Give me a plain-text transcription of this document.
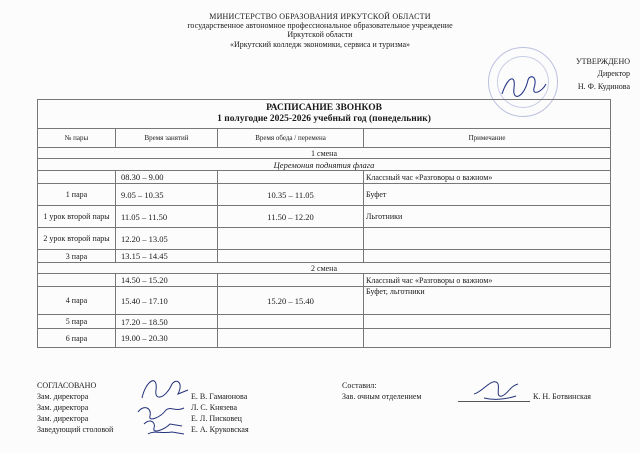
МИНИСТЕРСТВО ОБРАЗОВАНИЯ ИРКУТСКОЙ ОБЛАСТИ
государственное автономное профессиональное образовательное учреждение
Иркутской области
«Иркутский колледж экономики, сервиса и туризма»
УТВЕРЖДЕНО
Директор
Н. Ф. Кудинова
РАСПИСАНИЕ ЗВОНКОВ
1 полугодие 2025-2026 учебный год (понедельник)			

№ пары	Время занятий	Время обеда / перемена	Примечание
1 смена			
Церемония поднятия флага			
	08.30 – 9.00		Классный час «Разговоры о важном»
1 пара	9.05 – 10.35	10.35 – 11.05	Буфет
1 урок второй пары	11.05 – 11.50	11.50 – 12.20	Льготники
2 урок второй пары	12.20 – 13.05		
3 пара	13.15 – 14.45		
2 смена			
	14.50 – 15.20		Классный час «Разговоры о важном»
4 пара	15.40 – 17.10	15.20 – 15.40	Буфет, льготники
5 пара	17.20 – 18.50		
6 пара	19.00 – 20.30		
СОГЛАСОВАНО
Зам. директора
Зам. директора
Зам. директора
Заведующий столовой
Е. В. Гамаюнова
Л. С. Князева
Е. Л. Писковец
Е. А. Круковская
Составил:
Зав. очным отделением	К. Н. Ботвинская
